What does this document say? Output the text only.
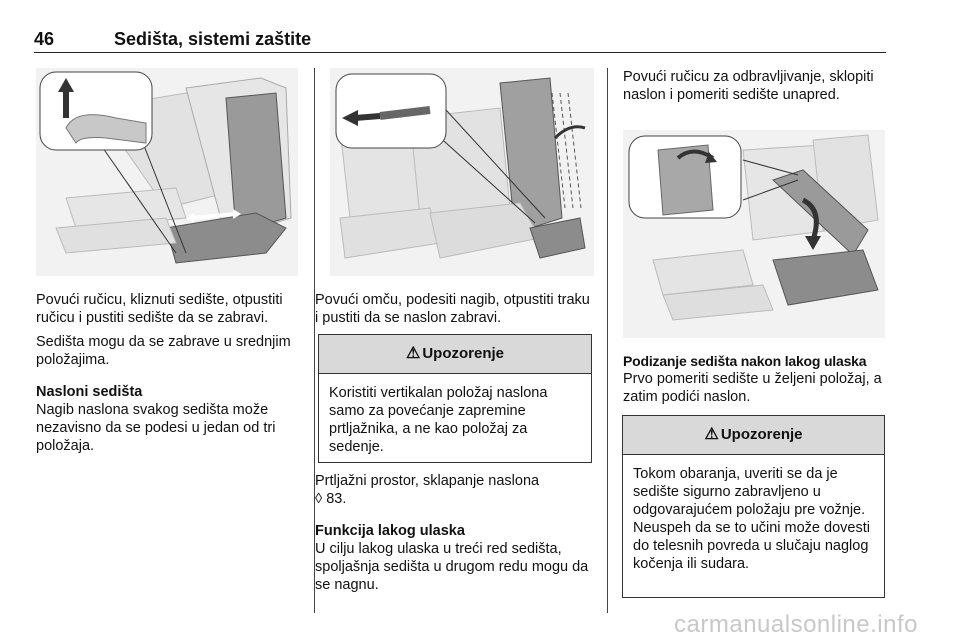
46	Sedišta, sistemi zaštite

Povući ručicu, kliznuti sedište, otpustiti ručicu i pustiti sedište da se zabravi.

Sedišta mogu da se zabrave u srednjim položajima.

Nasloni sedišta

Nagib naslona svakog sedišta može nezavisno da se podesi u jedan od tri položaja.

Povući omču, podesiti nagib, otpustiti traku i pustiti da se naslon zabravi.

⚠ Upozorenje
Koristiti vertikalan položaj naslona samo za povećanje zapremine prtljažnika, a ne kao položaj za sedenje.

Prtljažni prostor, sklapanje naslona
◊ 83.

Funkcija lakog ulaska

U cilju lakog ulaska u treći red sedišta, spoljašnja sedišta u drugom redu mogu da se nagnu.

Povući ručicu za odbravljivanje, sklopiti naslon i pomeriti sedište unapred.

Podizanje sedišta nakon lakog ulaska

Prvo pomeriti sedište u željeni položaj, a zatim podići naslon.

⚠ Upozorenje
Tokom obaranja, uveriti se da je sedište sigurno zabravljeno u odgovarajućem položaju pre vožnje. Neuspeh da se to učini može dovesti do telesnih povreda u slučaju naglog kočenja ili sudara.
carmanualsonline.info
